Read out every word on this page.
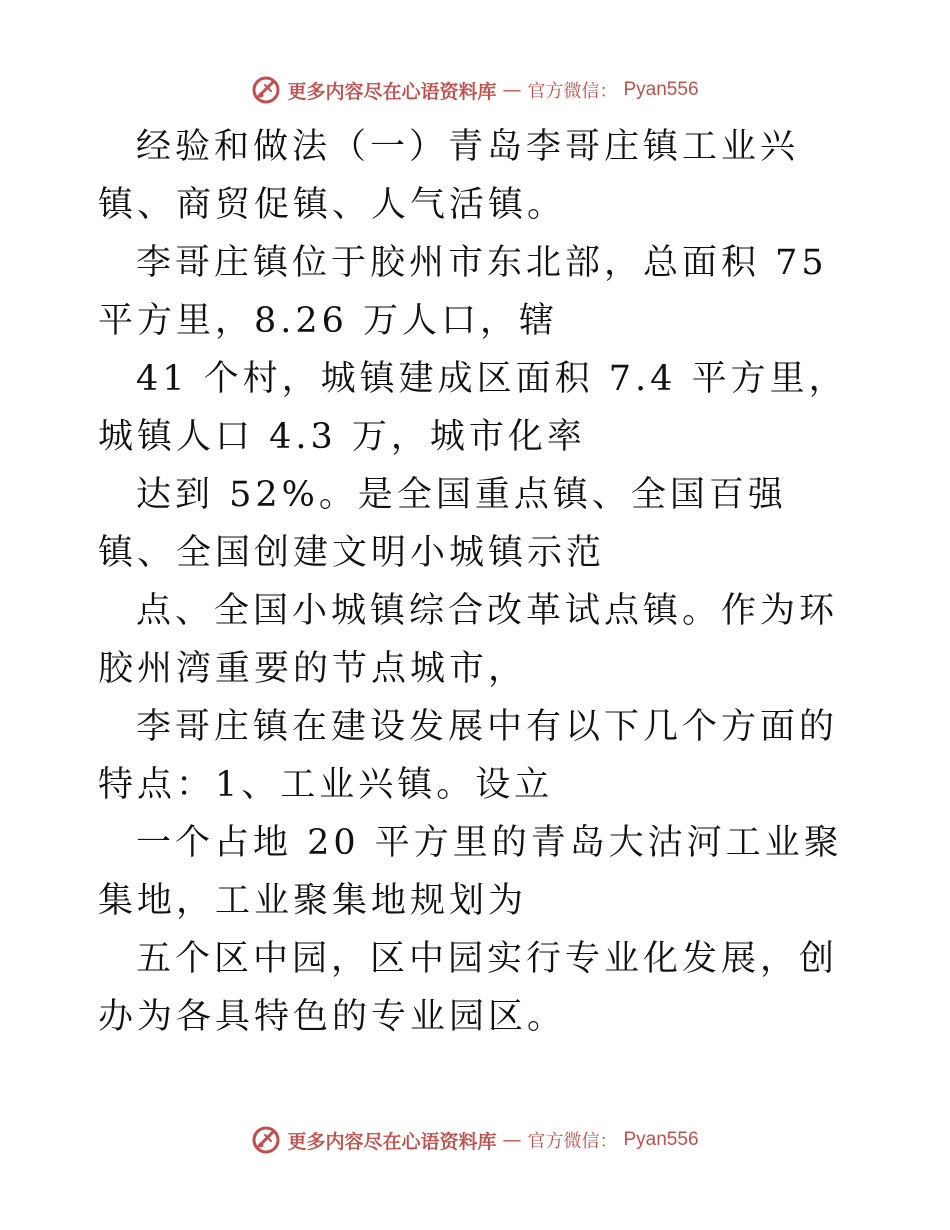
更多内容尽在心语资料库 — 官方微信： Pyan556

经验和做法（一）青岛李哥庄镇工业兴镇、商贸促镇、人气活镇。

李哥庄镇位于胶州市东北部，总面积 75 平方里，8.26 万人口，辖

41 个村，城镇建成区面积 7.4 平方里，城镇人口 4.3 万，城市化率

达到 52%。是全国重点镇、全国百强镇、全国创建文明小城镇示范

点、全国小城镇综合改革试点镇。作为环胶州湾重要的节点城市，

李哥庄镇在建设发展中有以下几个方面的特点：1、工业兴镇。设立

一个占地 20 平方里的青岛大沽河工业聚集地，工业聚集地规划为

五个区中园，区中园实行专业化发展，创办为各具特色的专业园区。

更多内容尽在心语资料库 — 官方微信： Pyan556
